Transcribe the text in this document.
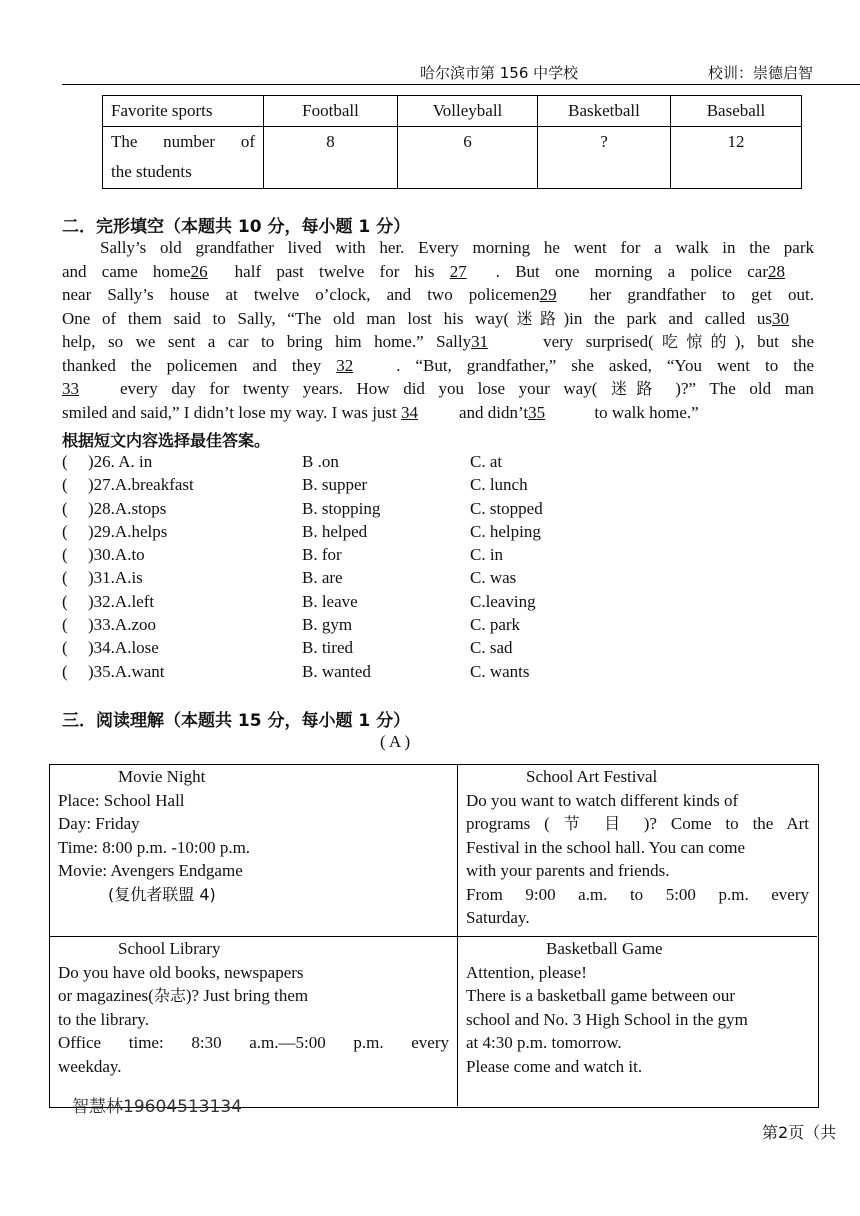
哈尔滨市第 156 中学校	校训：崇德启智
Favorite sports	Football	Volleyball	Basketball	Baseball

The number of
the students	8	6	?	12
二．完形填空（本题共 10 分，每小题 1 分）
Sally’s old grandfather lived with her. Every morning he went for a walk in the park
and came home26 half past twelve for his 27 . But one morning a police car28
near Sally’s house at twelve o’clock, and two policemen29 her grandfather to get out.
One of them said to Sally, “The old man lost his way(迷路)in the park and called us30
help, so we sent a car to bring him home.” Sally31	very surprised(吃惊的), but she
thanked the policemen and they 32	. “But, grandfather,” she asked, “You went to the
33 every day for twenty years. How did you lose your way( 迷路 )?” The old man
smiled and said,” I didn’t lose my way. I was just 34 and didn’t35	to walk home.”
根据短文内容选择最佳答案。
( )26. A. in	B .on	C. at
( )27.A.breakfast	B. supper	C. lunch
( )28.A.stops	B. stopping	C. stopped
( )29.A.helps	B. helped	C. helping
( )30.A.to	B. for	C. in
( )31.A.is	B. are	C. was
( )32.A.left	B. leave	C.leaving
( )33.A.zoo	B. gym	C. park
( )34.A.lose	B. tired	C. sad
( )35.A.want	B. wanted	C. wants
三．阅读理解（本题共 15 分，每小题 1 分）
( A )
Movie Night
Place: School Hall
Day: Friday
Time: 8:00 p.m. -10:00 p.m.
Movie: Avengers Endgame
(复仇者联盟 4)
School Art Festival
Do you want to watch different kinds of
programs ( 节 目 )? Come to the Art
Festival in the school hall. You can come
with your parents and friends.
From 9:00 a.m. to 5:00 p.m. every
Saturday.
School Library
Do you have old books, newspapers
or magazines(杂志)? Just bring them
to the library.
Office time: 8:30 a.m.—5:00 p.m. every
weekday.
Basketball Game
Attention, please!
There is a basketball game between our
school and No. 3 High School in the gym
at 4:30 p.m. tomorrow.
Please come and watch it.
智慧林19604513134
第2页（共
